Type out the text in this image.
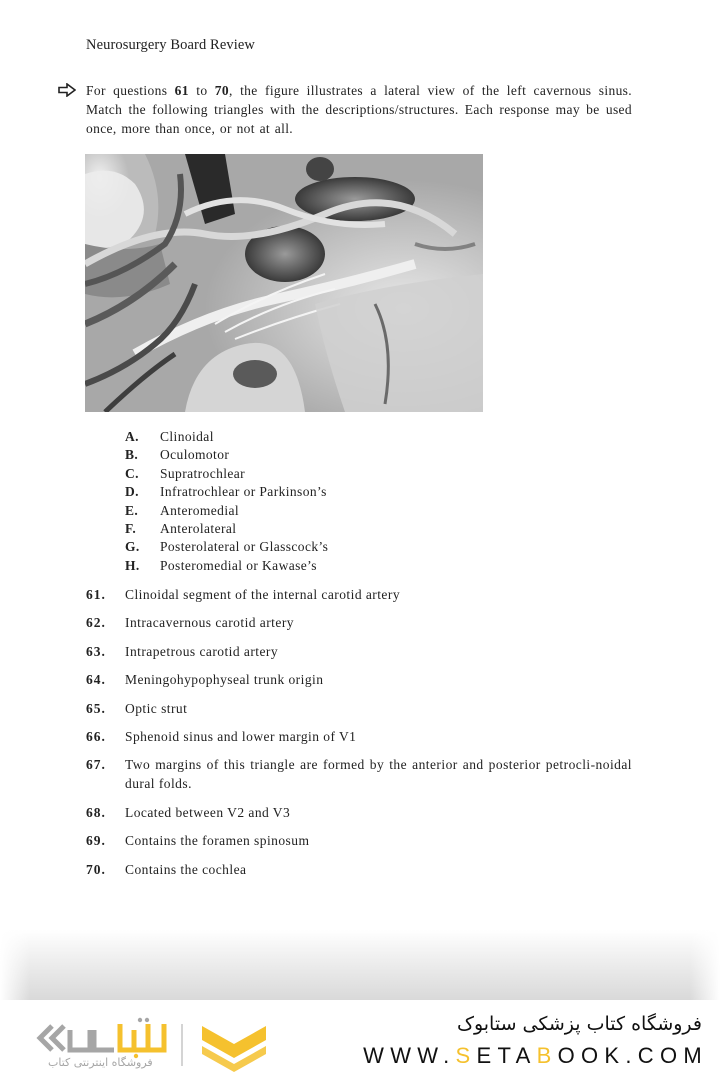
Neurosurgery Board Review
For questions 61 to 70, the figure illustrates a lateral view of the left cavernous sinus. Match the following triangles with the descriptions/structures. Each response may be used once, more than once, or not at all.
A.	Clinoidal
B.	Oculomotor
C.	Supratrochlear
D.	Infratrochlear or Parkinson’s
E.	Anteromedial
F.	Anterolateral
G.	Posterolateral or Glasscock’s
H.	Posteromedial or Kawase’s
61.	Clinoidal segment of the internal carotid artery
62.	Intracavernous carotid artery
63.	Intrapetrous carotid artery
64.	Meningohypophyseal trunk origin
65.	Optic strut
66.	Sphenoid sinus and lower margin of V1
67.	Two margins of this triangle are formed by the anterior and posterior petrocli-noidal dural folds.
68.	Located between V2 and V3
69.	Contains the foramen spinosum
70.	Contains the cochlea
فروشگاه اینترنتی کتاب
فروشگاه کتاب پزشکی ستابوک
WWW.SETABOOK.COM
